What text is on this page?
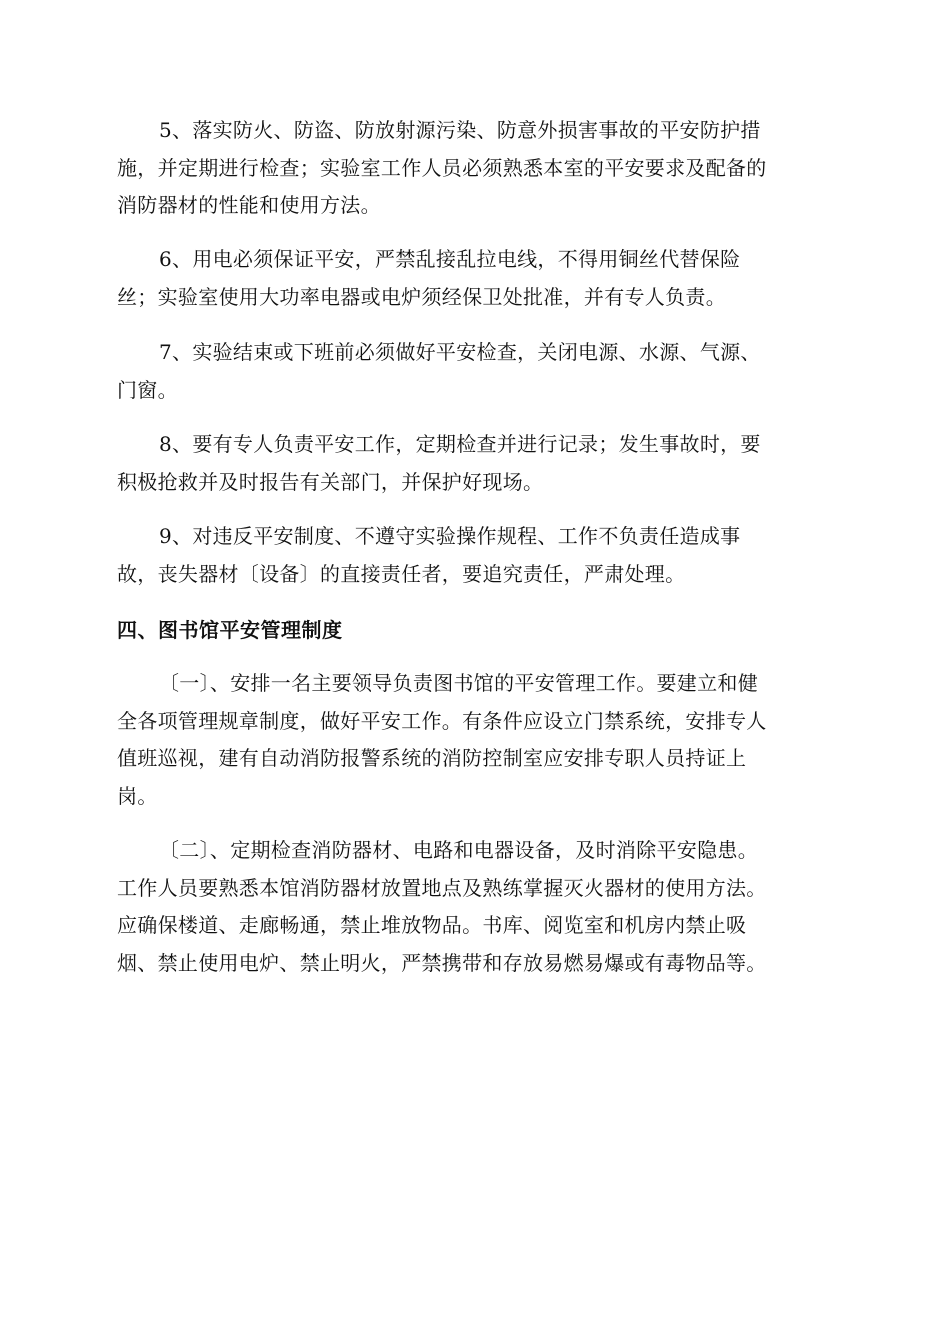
5、落实防火、防盗、防放射源污染、防意外损害事故的平安防护措
施，并定期进行检查；实验室工作人员必须熟悉本室的平安要求及配备的
消防器材的性能和使用方法。

6、用电必须保证平安，严禁乱接乱拉电线，不得用铜丝代替保险
丝；实验室使用大功率电器或电炉须经保卫处批准，并有专人负责。

7、实验结束或下班前必须做好平安检查，关闭电源、水源、气源、
门窗。

8、要有专人负责平安工作，定期检查并进行记录；发生事故时，要
积极抢救并及时报告有关部门，并保护好现场。

9、对违反平安制度、不遵守实验操作规程、工作不负责任造成事
故，丧失器材〔设备〕的直接责任者，要追究责任，严肃处理。

四、图书馆平安管理制度

〔一〕、安排一名主要领导负责图书馆的平安管理工作。要建立和健
全各项管理规章制度，做好平安工作。有条件应设立门禁系统，安排专人
值班巡视，建有自动消防报警系统的消防控制室应安排专职人员持证上
岗。

〔二〕、定期检查消防器材、电路和电器设备，及时消除平安隐患。
工作人员要熟悉本馆消防器材放置地点及熟练掌握灭火器材的使用方法。
应确保楼道、走廊畅通，禁止堆放物品。书库、阅览室和机房内禁止吸
烟、禁止使用电炉、禁止明火，严禁携带和存放易燃易爆或有毒物品等。
